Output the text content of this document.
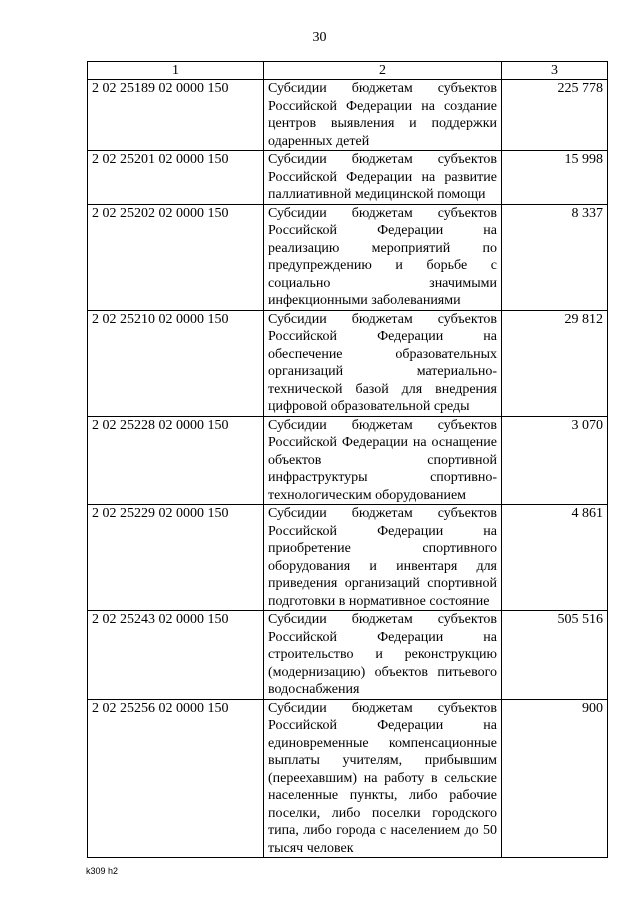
30
1	2	3
2 02 25189 02 0000 150	Субсидии бюджетам субъектов Российской Федерации на создание центров выявления и поддержки одаренных детей	225 778
2 02 25201 02 0000 150	Субсидии бюджетам субъектов Российской Федерации на развитие паллиативной медицинской помощи	15 998
2 02 25202 02 0000 150	Субсидии бюджетам субъектов Российской Федерации на реализацию мероприятий по предупреждению и борьбе с социально значимыми инфекционными заболеваниями	8 337
2 02 25210 02 0000 150	Субсидии бюджетам субъектов Российской Федерации на обеспечение образовательных организаций материально-технической базой для внедрения цифровой образовательной среды	29 812
2 02 25228 02 0000 150	Субсидии бюджетам субъектов Российской Федерации на оснащение объектов спортивной инфраструктуры спортивно-технологическим оборудованием	3 070
2 02 25229 02 0000 150	Субсидии бюджетам субъектов Российской Федерации на приобретение спортивного оборудования и инвентаря для приведения организаций спортивной подготовки в нормативное состояние	4 861
2 02 25243 02 0000 150	Субсидии бюджетам субъектов Российской Федерации на строительство и реконструкцию (модернизацию) объектов питьевого водоснабжения	505 516
2 02 25256 02 0000 150	Субсидии бюджетам субъектов Российской Федерации на единовременные компенсационные выплаты учителям, прибывшим (переехавшим) на работу в сельские населенные пункты, либо рабочие поселки, либо поселки городского типа, либо города с населением до 50 тысяч человек	900
k309 h2
